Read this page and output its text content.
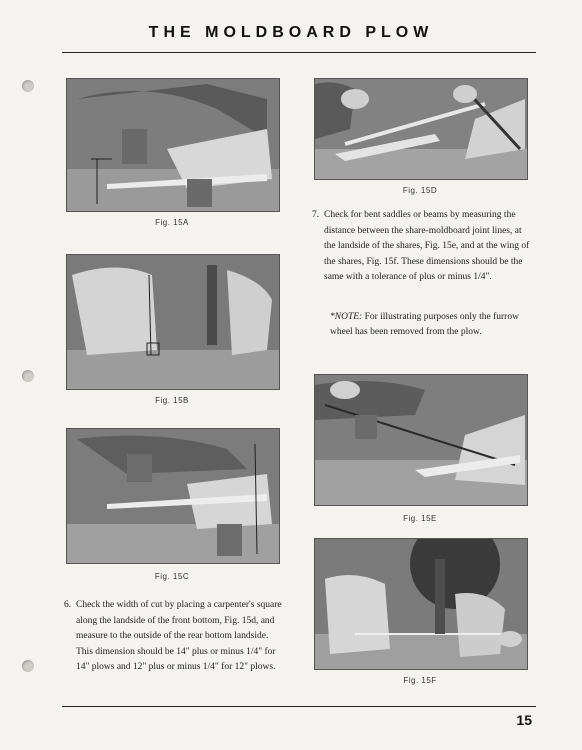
THE MOLDBOARD PLOW
Fig. 15A
Fig. 15B
Fig. 15C
6. Check the width of cut by placing a carpenter's square along the landside of the front bottom, Fig. 15d, and measure to the outside of the rear bottom landside. This dimension should be 14" plus or minus 1/4" for 14" plows and 12" plus or minus 1/4" for 12" plows.
Fig. 15D
7. Check for bent saddles or beams by measuring the distance between the share-moldboard joint lines, at the landside of the shares, Fig. 15e, and at the wing of the shares, Fig. 15f. These dimensions should be the same with a tolerance of plus or minus 1/4".
*NOTE: For illustrating purposes only the furrow wheel has been removed from the plow.
Fig. 15E
Fig. 15F
15
